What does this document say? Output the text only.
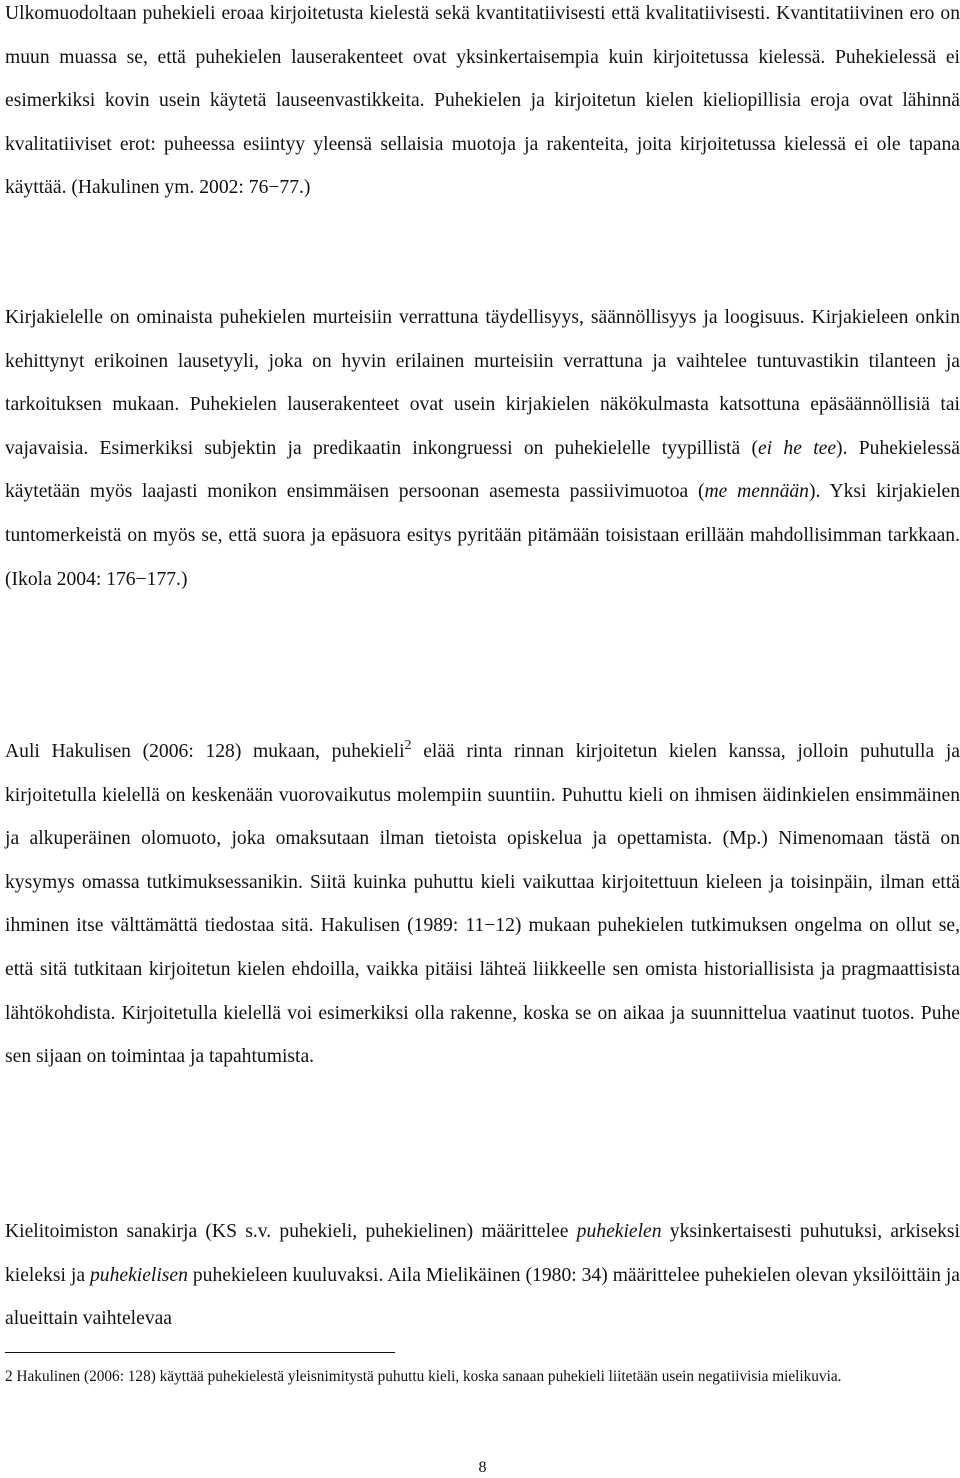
Ulkomuodoltaan puhekieli eroaa kirjoitetusta kielestä sekä kvantitatiivisesti että kvalitatiivisesti. Kvantitatiivinen ero on muun muassa se, että puhekielen lauserakenteet ovat yksinkertaisempia kuin kirjoitetussa kielessä. Puhekielessä ei esimerkiksi kovin usein käytetä lauseenvastikkeita. Puhekielen ja kirjoitetun kielen kieliopillisia eroja ovat lähinnä kvalitatiiviset erot: puheessa esiintyy yleensä sellaisia muotoja ja rakenteita, joita kirjoitetussa kielessä ei ole tapana käyttää. (Hakulinen ym. 2002: 76−77.)

Kirjakielelle on ominaista puhekielen murteisiin verrattuna täydellisyys, säännöllisyys ja loogisuus. Kirjakieleen onkin kehittynyt erikoinen lausetyyli, joka on hyvin erilainen murteisiin verrattuna ja vaihtelee tuntuvastikin tilanteen ja tarkoituksen mukaan. Puhekielen lauserakenteet ovat usein kirjakielen näkökulmasta katsottuna epäsäännöllisiä tai vajavaisia. Esimerkiksi subjektin ja predikaatin inkongruessi on puhekielelle tyypillistä (ei he tee). Puhekielessä käytetään myös laajasti monikon ensimmäisen persoonan asemesta passiivimuotoa (me mennään). Yksi kirjakielen tuntomerkeistä on myös se, että suora ja epäsuora esitys pyritään pitämään toisistaan erillään mahdollisimman tarkkaan. (Ikola 2004: 176−177.)

Auli Hakulisen (2006: 128) mukaan, puhekieli$^2$ elää rinta rinnan kirjoitetun kielen kanssa, jolloin puhutulla ja kirjoitetulla kielellä on keskenään vuorovaikutus molempiin suuntiin. Puhuttu kieli on ihmisen äidinkielen ensimmäinen ja alkuperäinen olomuoto, joka omaksutaan ilman tietoista opiskelua ja opettamista. (Mp.) Nimenomaan tästä on kysymys omassa tutkimuksessanikin. Siitä kuinka puhuttu kieli vaikuttaa kirjoitettuun kieleen ja toisinpäin, ilman että ihminen itse välttämättä tiedostaa sitä. Hakulisen (1989: 11−12) mukaan puhekielen tutkimuksen ongelma on ollut se, että sitä tutkitaan kirjoitetun kielen ehdoilla, vaikka pitäisi lähteä liikkeelle sen omista historiallisista ja pragmaattisista lähtökohdista. Kirjoitetulla kielellä voi esimerkiksi olla rakenne, koska se on aikaa ja suunnittelua vaatinut tuotos. Puhe sen sijaan on toimintaa ja tapahtumista.

Kielitoimiston sanakirja (KS s.v. puhekieli, puhekielinen) määrittelee puhekielen yksinkertaisesti puhutuksi, arkiseksi kieleksi ja puhekielisen puhekieleen kuuluvaksi. Aila Mielikäinen (1980: 34) määrittelee puhekielen olevan yksilöittäin ja alueittain vaihtelevaa

2 Hakulinen (2006: 128) käyttää puhekielestä yleisnimitystä puhuttu kieli, koska sanaan puhekieli liitetään usein negatiivisia mielikuvia.

8
